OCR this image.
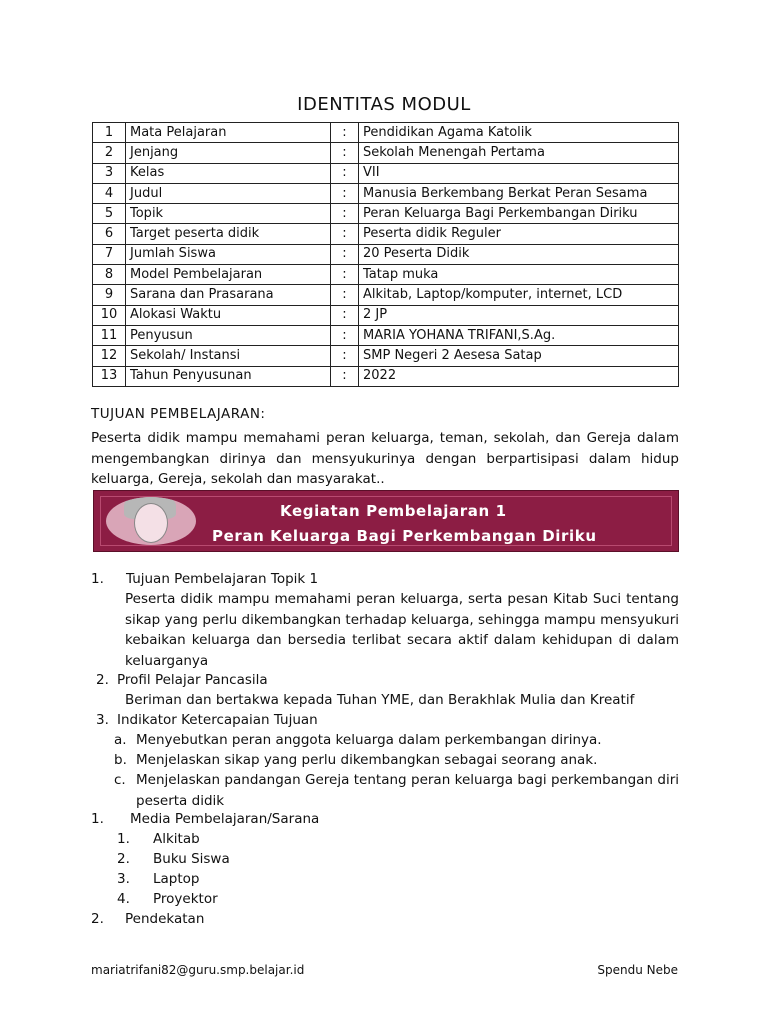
IDENTITAS MODUL
1	Mata Pelajaran	:	Pendidikan Agama Katolik
2	Jenjang	:	Sekolah Menengah Pertama
3	Kelas	:	VII
4	Judul	:	Manusia Berkembang Berkat Peran Sesama
5	Topik	:	Peran Keluarga Bagi Perkembangan Diriku
6	Target peserta didik	:	Peserta didik Reguler
7	Jumlah Siswa	:	20 Peserta Didik
8	Model Pembelajaran	:	Tatap muka
9	Sarana dan Prasarana	:	Alkitab, Laptop/komputer, internet, LCD
10	Alokasi Waktu	:	2 JP
11	Penyusun	:	MARIA YOHANA TRIFANI,S.Ag.
12	Sekolah/ Instansi	:	SMP Negeri 2 Aesesa Satap
13	Tahun Penyusunan	:	2022
TUJUAN PEMBELAJARAN:
Peserta didik mampu memahami peran keluarga, teman, sekolah, dan Gereja dalam mengembangkan dirinya dan mensyukurinya dengan berpartisipasi dalam hidup keluarga, Gereja, sekolah dan masyarakat..
Kegiatan Pembelajaran 1
Peran Keluarga Bagi Perkembangan Diriku
1. Tujuan Pembelajaran Topik 1
Peserta didik mampu memahami peran keluarga, serta pesan Kitab Suci tentang sikap yang perlu dikembangkan terhadap keluarga, sehingga mampu mensyukuri kebaikan keluarga dan bersedia terlibat secara aktif dalam kehidupan di dalam keluarganya
2. Profil Pelajar Pancasila
Beriman dan bertakwa kepada Tuhan YME, dan Berakhlak Mulia dan Kreatif
3. Indikator Ketercapaian Tujuan
a. Menyebutkan peran anggota keluarga dalam perkembangan dirinya.
b. Menjelaskan sikap yang perlu dikembangkan sebagai seorang anak.
c. Menjelaskan pandangan Gereja tentang peran keluarga bagi perkembangan diri peserta didik
1. Media Pembelajaran/Sarana
1. Alkitab
2. Buku Siswa
3. Laptop
4. Proyektor
2. Pendekatan
mariatrifani82@guru.smp.belajar.id	Spendu Nebe
